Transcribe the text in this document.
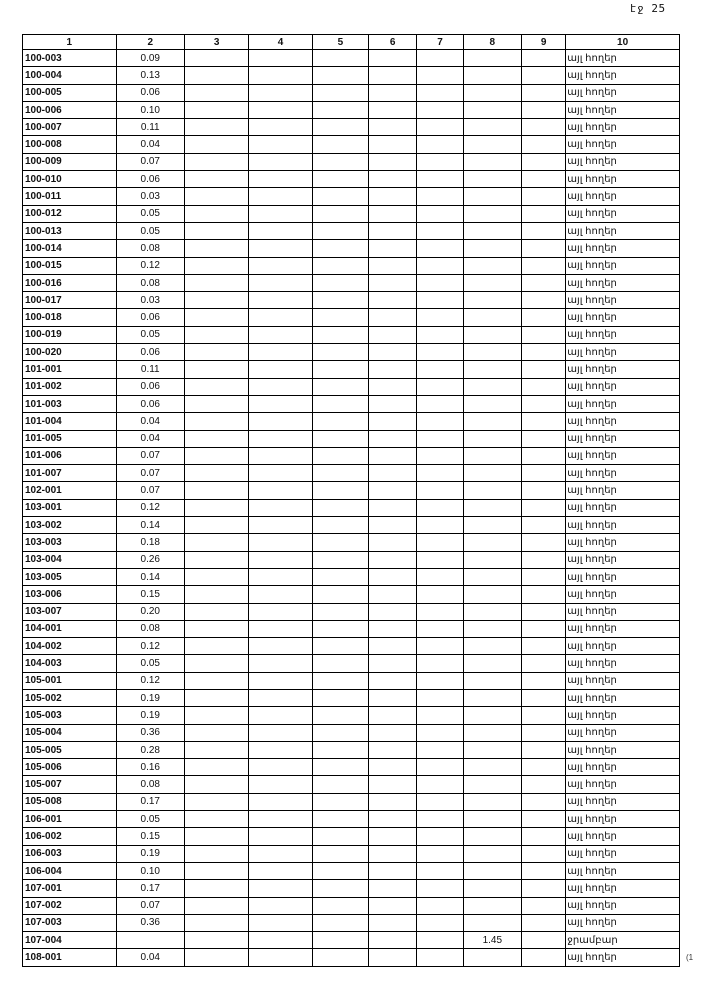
էջ 25
1	2	3	4	5	6	7	8	9	10
100-003	0.09								այլ հողեր
100-004	0.13								այլ հողեր
100-005	0.06								այլ հողեր
100-006	0.10								այլ հողեր
100-007	0.11								այլ հողեր
100-008	0.04								այլ հողեր
100-009	0.07								այլ հողեր
100-010	0.06								այլ հողեր
100-011	0.03								այլ հողեր
100-012	0.05								այլ հողեր
100-013	0.05								այլ հողեր
100-014	0.08								այլ հողեր
100-015	0.12								այլ հողեր
100-016	0.08								այլ հողեր
100-017	0.03								այլ հողեր
100-018	0.06								այլ հողեր
100-019	0.05								այլ հողեր
100-020	0.06								այլ հողեր
101-001	0.11								այլ հողեր
101-002	0.06								այլ հողեր
101-003	0.06								այլ հողեր
101-004	0.04								այլ հողեր
101-005	0.04								այլ հողեր
101-006	0.07								այլ հողեր
101-007	0.07								այլ հողեր
102-001	0.07								այլ հողեր
103-001	0.12								այլ հողեր
103-002	0.14								այլ հողեր
103-003	0.18								այլ հողեր
103-004	0.26								այլ հողեր
103-005	0.14								այլ հողեր
103-006	0.15								այլ հողեր
103-007	0.20								այլ հողեր
104-001	0.08								այլ հողեր
104-002	0.12								այլ հողեր
104-003	0.05								այլ հողեր
105-001	0.12								այլ հողեր
105-002	0.19								այլ հողեր
105-003	0.19								այլ հողեր
105-004	0.36								այլ հողեր
105-005	0.28								այլ հողեր
105-006	0.16								այլ հողեր
105-007	0.08								այլ հողեր
105-008	0.17								այլ հողեր
106-001	0.05								այլ հողեր
106-002	0.15								այլ հողեր
106-003	0.19								այլ հողեր
106-004	0.10								այլ հողեր
107-001	0.17								այլ հողեր
107-002	0.07								այլ հողեր
107-003	0.36								այլ հողեր
107-004							1.45		ջրամբար
108-001	0.04								այլ հողեր	(1
